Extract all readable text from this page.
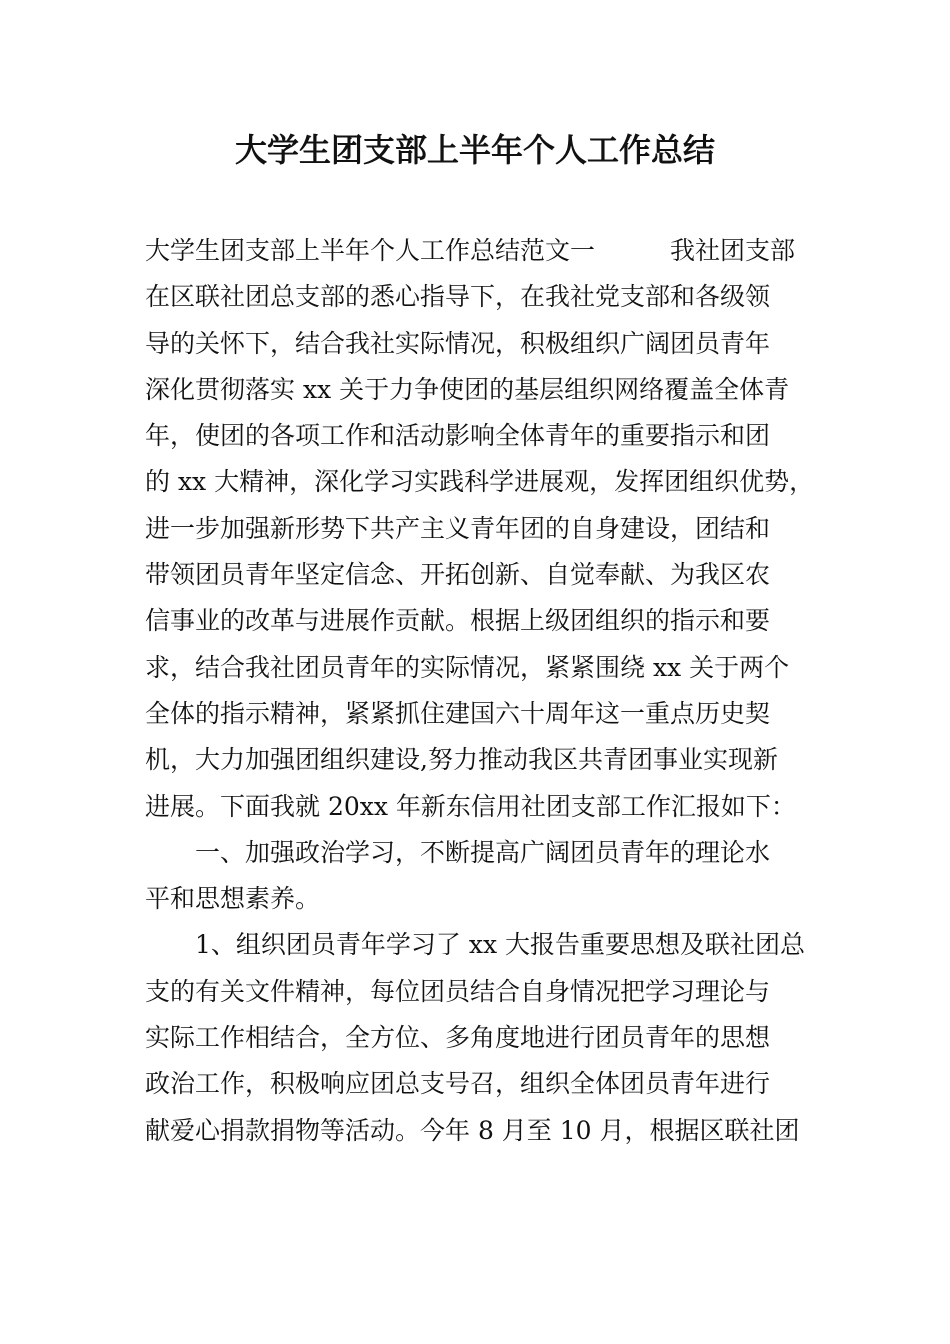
大学生团支部上半年个人工作总结
大学生团支部上半年个人工作总结范文一　　　我社团支部
在区联社团总支部的悉心指导下，在我社党支部和各级领
导的关怀下，结合我社实际情况，积极组织广阔团员青年
深化贯彻落实 xx 关于力争使团的基层组织网络覆盖全体青
年，使团的各项工作和活动影响全体青年的重要指示和团
的 xx 大精神，深化学习实践科学进展观，发挥团组织优势，
进一步加强新形势下共产主义青年团的自身建设，团结和
带领团员青年坚定信念、开拓创新、自觉奉献、为我区农
信事业的改革与进展作贡献。根据上级团组织的指示和要
求，结合我社团员青年的实际情况，紧紧围绕 xx 关于两个
全体的指示精神，紧紧抓住建国六十周年这一重点历史契
机，大力加强团组织建设,努力推动我区共青团事业实现新
进展。下面我就 20xx 年新东信用社团支部工作汇报如下：
一、加强政治学习，不断提高广阔团员青年的理论水
平和思想素养。
1、组织团员青年学习了 xx 大报告重要思想及联社团总
支的有关文件精神，每位团员结合自身情况把学习理论与
实际工作相结合，全方位、多角度地进行团员青年的思想
政治工作，积极响应团总支号召，组织全体团员青年进行
献爱心捐款捐物等活动。今年 8 月至 10 月，根据区联社团
